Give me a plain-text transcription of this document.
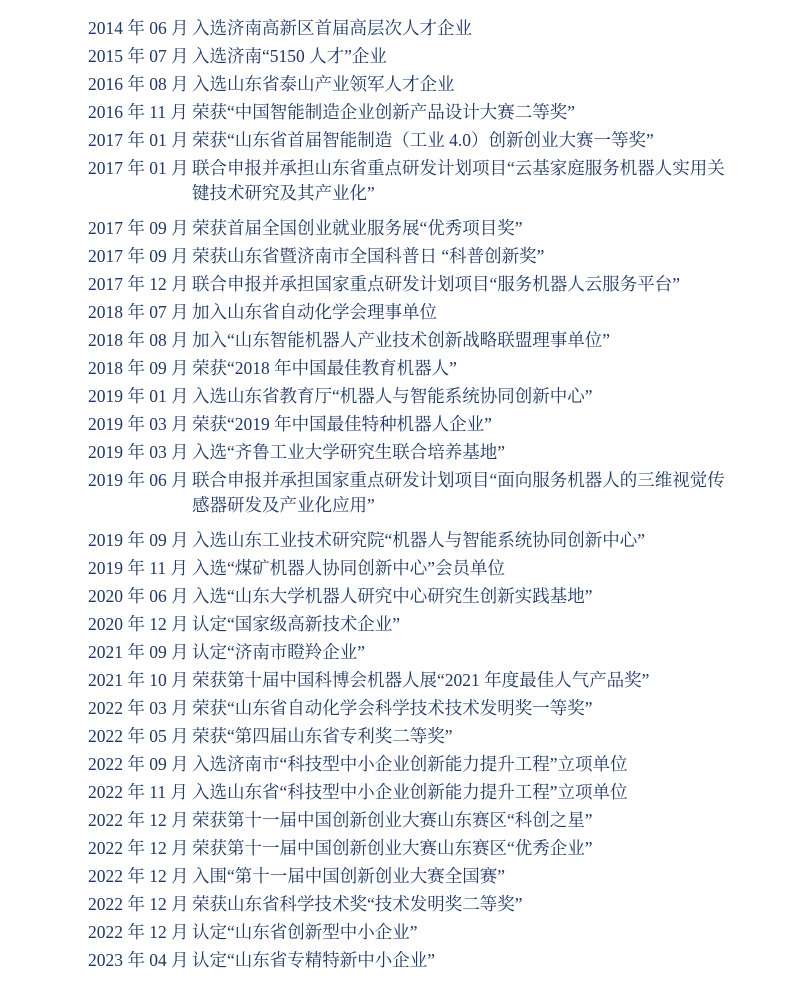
2014 年 06 月 入选济南高新区首届高层次人才企业
2015 年 07 月 入选济南“5150 人才”企业
2016 年 08 月 入选山东省泰山产业领军人才企业
2016 年 11 月 荣获“中国智能制造企业创新产品设计大赛二等奖”
2017 年 01 月 荣获“山东省首届智能制造（工业 4.0）创新创业大赛一等奖”
2017 年 01 月 联合申报并承担山东省重点研发计划项目“云基家庭服务机器人实用关
键技术研究及其产业化”
2017 年 09 月 荣获首届全国创业就业服务展“优秀项目奖”
2017 年 09 月 荣获山东省暨济南市全国科普日 “科普创新奖”
2017 年 12 月 联合申报并承担国家重点研发计划项目“服务机器人云服务平台”
2018 年 07 月 加入山东省自动化学会理事单位
2018 年 08 月 加入“山东智能机器人产业技术创新战略联盟理事单位”
2018 年 09 月 荣获“2018 年中国最佳教育机器人”
2019 年 01 月 入选山东省教育厅“机器人与智能系统协同创新中心”
2019 年 03 月 荣获“2019 年中国最佳特种机器人企业”
2019 年 03 月 入选“齐鲁工业大学研究生联合培养基地”
2019 年 06 月 联合申报并承担国家重点研发计划项目“面向服务机器人的三维视觉传
感器研发及产业化应用”
2019 年 09 月 入选山东工业技术研究院“机器人与智能系统协同创新中心”
2019 年 11 月 入选“煤矿机器人协同创新中心”会员单位
2020 年 06 月 入选“山东大学机器人研究中心研究生创新实践基地”
2020 年 12 月 认定“国家级高新技术企业”
2021 年 09 月 认定“济南市瞪羚企业”
2021 年 10 月 荣获第十届中国科博会机器人展“2021 年度最佳人气产品奖”
2022 年 03 月 荣获“山东省自动化学会科学技术技术发明奖一等奖”
2022 年 05 月 荣获“第四届山东省专利奖二等奖”
2022 年 09 月 入选济南市“科技型中小企业创新能力提升工程”立项单位
2022 年 11 月 入选山东省“科技型中小企业创新能力提升工程”立项单位
2022 年 12 月 荣获第十一届中国创新创业大赛山东赛区“科创之星”
2022 年 12 月 荣获第十一届中国创新创业大赛山东赛区“优秀企业”
2022 年 12 月 入围“第十一届中国创新创业大赛全国赛”
2022 年 12 月 荣获山东省科学技术奖“技术发明奖二等奖”
2022 年 12 月 认定“山东省创新型中小企业”
2023 年 04 月 认定“山东省专精特新中小企业”
